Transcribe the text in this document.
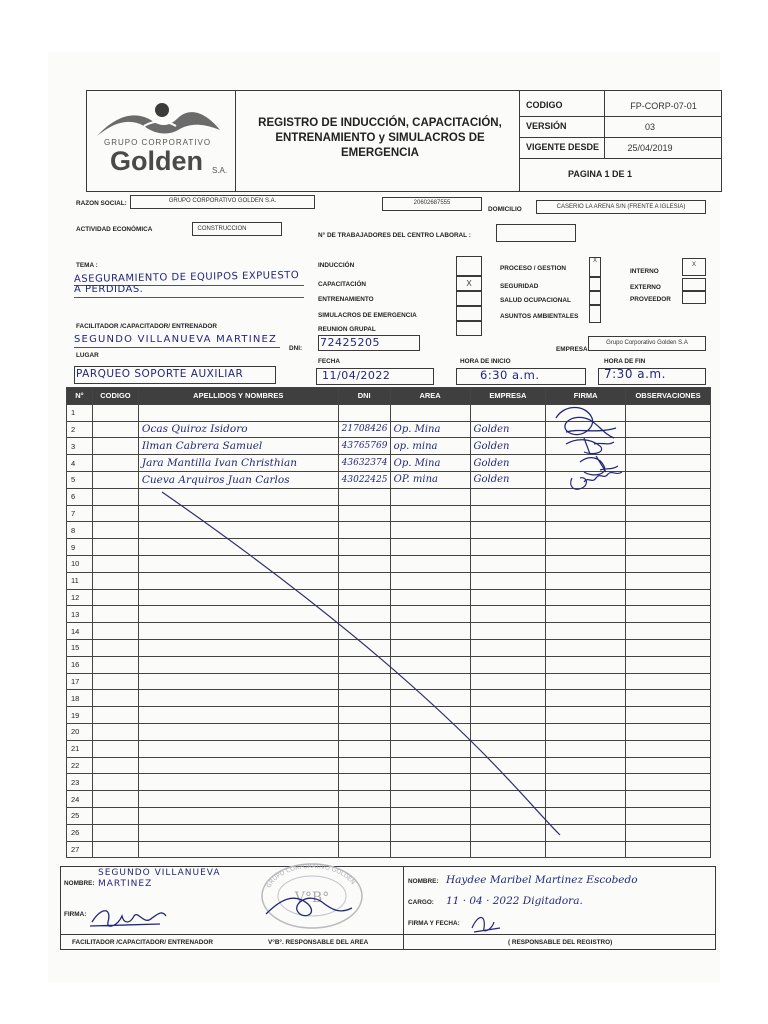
GRUPO CORPORATIVO
Golden S.A.
REGISTRO DE INDUCCIÓN, CAPACITACIÓN, ENTRENAMIENTO y SIMULACROS DE EMERGENCIA
CODIGO	FP-CORP-07-01
VERSIÓN	03
VIGENTE DESDE	25/04/2019
PAGINA 1 DE 1
RAZON SOCIAL:	GRUPO CORPORATIVO GOLDEN S.A.	20602687555
DOMICILIO	CASERIO LA ARENA S/N (FRENTE A IGLESIA)
ACTIVIDAD ECONÓMICA	CONSTRUCCION
N° DE TRABAJADORES DEL CENTRO LABORAL :
TEMA :
ASEGURAMIENTO DE EQUIPOS EXPUESTO
A PERDIDAS.
INDUCCIÓN
CAPACITACIÓN
ENTRENAMIENTO
SIMULACROS DE EMERGENCIA
REUNION GRUPAL
X
PROCESO / GESTION
SEGURIDAD
SALUD OCUPACIONAL
ASUNTOS AMBIENTALES
X
INTERNO
EXTERNO
PROVEEDOR
X
FACILITADOR /CAPACITADOR/ ENTRENADOR
SEGUNDO VILLANUEVA MARTINEZ
DNI: 72425205
EMPRESA
Grupo Corporativo Golden S.A
LUGAR
FECHA	HORA DE INICIO	HORA DE FIN
PARQUEO SOPORTE AUXILIAR	11/04/2022	6:30 a.m.	7:30 a.m.
N°	CODIGO	APELLIDOS Y NOMBRES	DNI	AREA	EMPRESA	FIRMA	OBSERVACIONES
1							
2		Ocas Quiroz Isidoro	21708426	Op. Mina	Golden		
3		Ilman Cabrera Samuel	43765769	op. mina	Golden		
4		Jara Mantilla Ivan Christhian	43632374	Op. Mina	Golden		
5		Cueva Arquiros Juan Carlos	43022425	OP. mina	Golden		
6							
7							
8							
9							
10							
11							
12							
13							
14							
15							
16							
17							
18							
19							
20							
21							
22							
23							
24							
25							
26							
27							
NOMBRE:
SEGUNDO VILLANUEVA MARTINEZ
FIRMA:
FACILITADOR /CAPACITADOR/ ENTRENADOR
V°B°
GRUPO CORPORATIVO GOLDEN
V°B°. RESPONSABLE DEL AREA
NOMBRE: Haydee Maribel Martinez Escobedo
CARGO: 11 · 04 · 2022 Digitadora.
FIRMA Y FECHA:
( RESPONSABLE DEL REGISTRO)
